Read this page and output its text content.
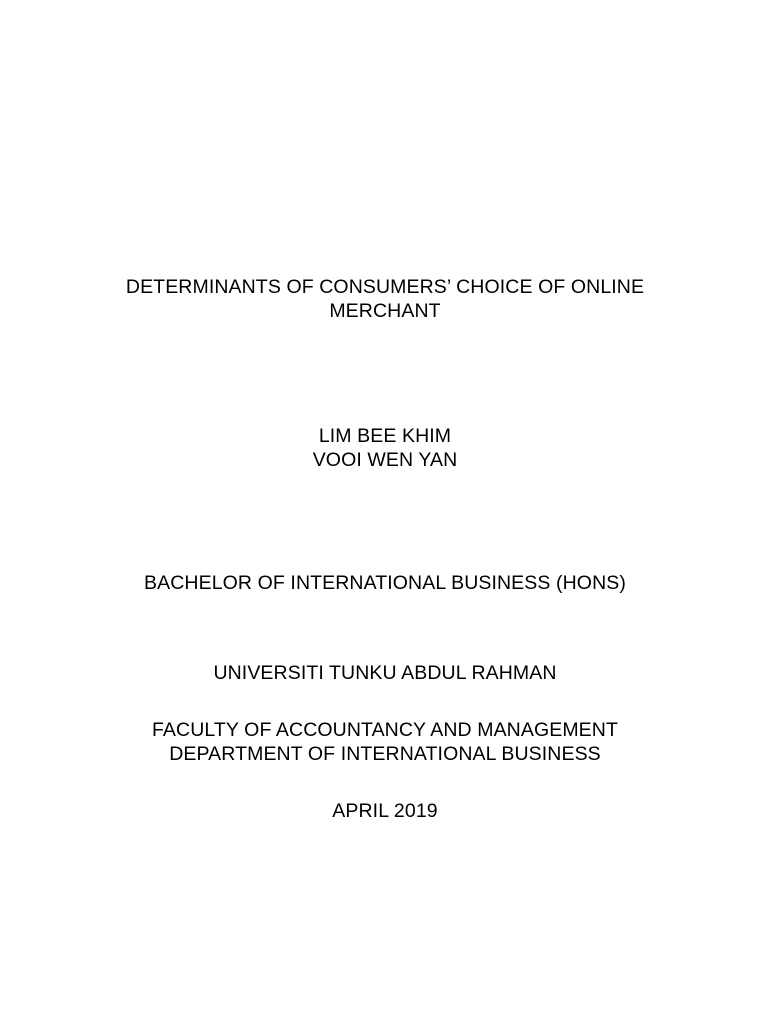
DETERMINANTS OF CONSUMERS’ CHOICE OF ONLINE
MERCHANT
LIM BEE KHIM
VOOI WEN YAN
BACHELOR OF INTERNATIONAL BUSINESS (HONS)
UNIVERSITI TUNKU ABDUL RAHMAN
FACULTY OF ACCOUNTANCY AND MANAGEMENT
DEPARTMENT OF INTERNATIONAL BUSINESS
APRIL 2019
